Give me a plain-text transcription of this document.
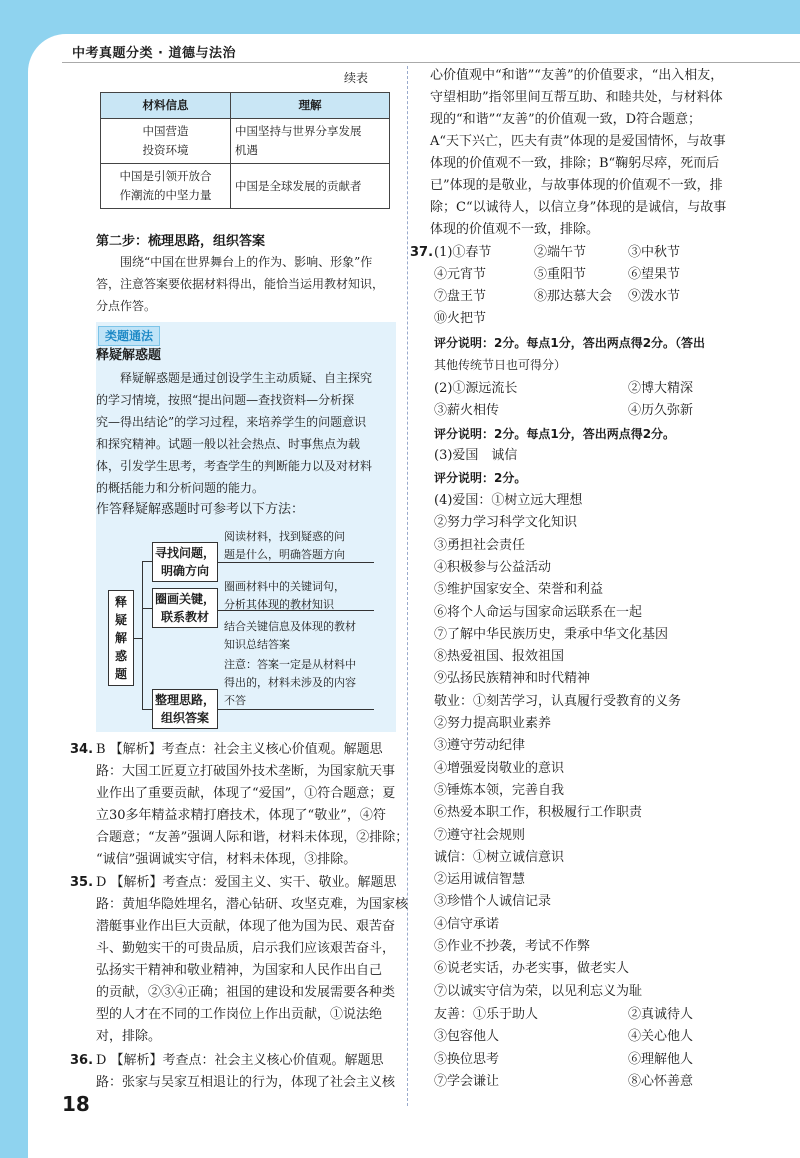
中考真题分类 · 道德与法治
续表
材料信息	理解
中国营造
投资环境	中国坚持与世界分享发展
机遇
中国是引领开放合
作潮流的中坚力量	中国是全球发展的贡献者
第二步：梳理思路，组织答案
围绕“中国在世界舞台上的作为、影响、形象”作
答，注意答案要依据材料得出，能恰当运用教材知识，
分点作答。
类题通法
释疑解惑题
释疑解惑题是通过创设学生主动质疑、自主探究
的学习情境，按照“提出问题—查找资料—分析探
究—得出结论”的学习过程，来培养学生的问题意识
和探究精神。试题一般以社会热点、时事焦点为载
体，引发学生思考，考查学生的判断能力以及对材料
的概括能力和分析问题的能力。
作答释疑解惑题时可参考以下方法：
释
疑
解
惑
题
寻找问题，
明确方向
圈画关键，
联系教材
整理思路，
组织答案
阅读材料，找到疑惑的问
题是什么，明确答题方向
圈画材料中的关键词句，
分析其体现的教材知识
结合关键信息及体现的教材
知识总结答案
注意：答案一定是从材料中
得出的，材料未涉及的内容
不答
34. B 【解析】考查点：社会主义核心价值观。解题思
路：大国工匠夏立打破国外技术垄断，为国家航天事
业作出了重要贡献，体现了“爱国”，①符合题意；夏
立30多年精益求精打磨技术，体现了“敬业”，④符
合题意；“友善”强调人际和谐，材料未体现，②排除；
“诚信”强调诚实守信，材料未体现，③排除。
35. D 【解析】考查点：爱国主义、实干、敬业。解题思
路：黄旭华隐姓埋名，潜心钻研、攻坚克难，为国家核
潜艇事业作出巨大贡献，体现了他为国为民、艰苦奋
斗、勤勉实干的可贵品质，启示我们应该艰苦奋斗，
弘扬实干精神和敬业精神，为国家和人民作出自己
的贡献，②③④正确；祖国的建设和发展需要各种类
型的人才在不同的工作岗位上作出贡献，①说法绝
对，排除。
36. D 【解析】考查点：社会主义核心价值观。解题思
路：张家与吴家互相退让的行为，体现了社会主义核
18
心价值观中“和谐”“友善”的价值要求，“出入相友，
守望相助”指邻里间互帮互助、和睦共处，与材料体
现的“和谐”“友善”的价值观一致，D符合题意；
A“天下兴亡，匹夫有责”体现的是爱国情怀，与故事
体现的价值观不一致，排除；B“鞠躬尽瘁，死而后
已”体现的是敬业，与故事体现的价值观不一致，排
除；C“以诚待人，以信立身”体现的是诚信，与故事
体现的价值观不一致，排除。
37. (1)①春节	②端午节	③中秋节
④元宵节	⑤重阳节	⑥望果节
⑦盘王节	⑧那达慕大会 ⑨泼水节
⑩火把节
评分说明：2分。每点1分，答出两点得2分。（答出
其他传统节日也可得分）
(2)①源远流长	②博大精深
③薪火相传	④历久弥新
评分说明：2分。每点1分，答出两点得2分。
(3)爱国　诚信
评分说明：2分。
(4)爱国：①树立远大理想
②努力学习科学文化知识
③勇担社会责任
④积极参与公益活动
⑤维护国家安全、荣誉和利益
⑥将个人命运与国家命运联系在一起
⑦了解中华民族历史，秉承中华文化基因
⑧热爱祖国、报效祖国
⑨弘扬民族精神和时代精神
敬业：①刻苦学习，认真履行受教育的义务
②努力提高职业素养
③遵守劳动纪律
④增强爱岗敬业的意识
⑤锤炼本领，完善自我
⑥热爱本职工作，积极履行工作职责
⑦遵守社会规则
诚信：①树立诚信意识
②运用诚信智慧
③珍惜个人诚信记录
④信守承诺
⑤作业不抄袭，考试不作弊
⑥说老实话，办老实事，做老实人
⑦以诚实守信为荣，以见利忘义为耻
友善：①乐于助人	②真诚待人
③包容他人	④关心他人
⑤换位思考	⑥理解他人
⑦学会谦让	⑧心怀善意
